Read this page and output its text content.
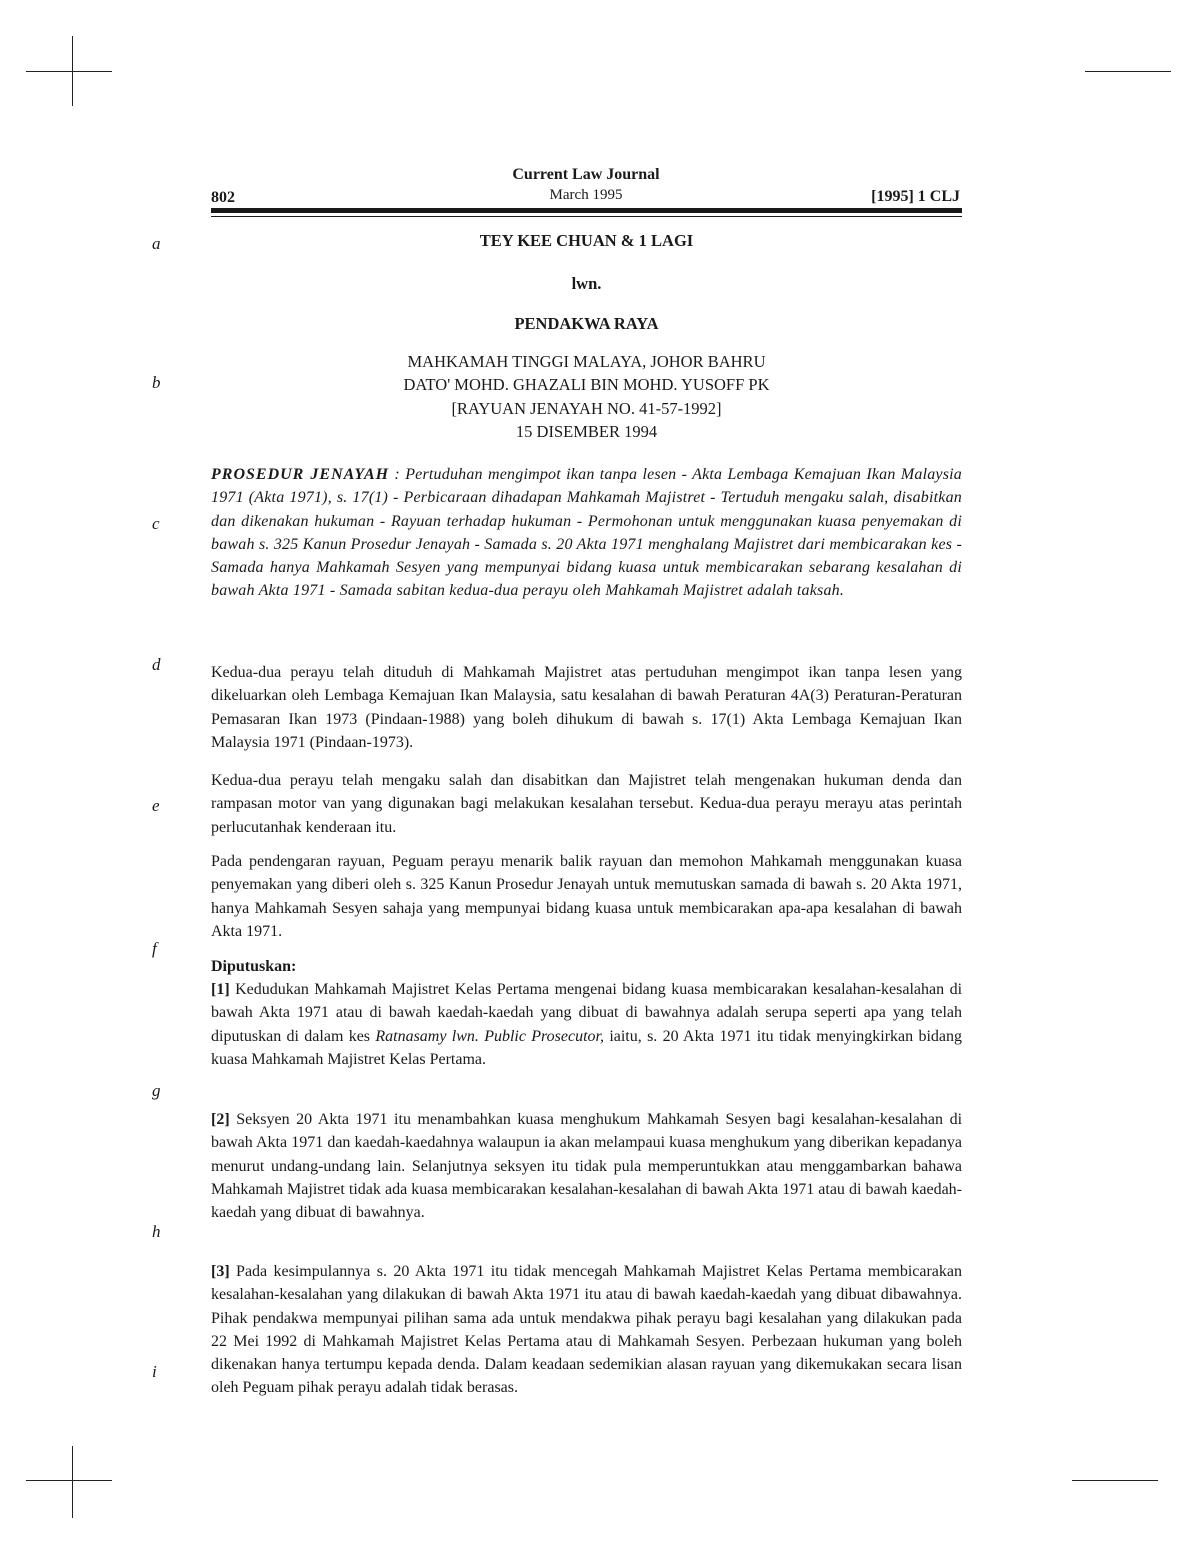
Current Law Journal
March 1995
802	[1995] 1 CLJ
a
b
c
d
e
f
g
h
i
TEY KEE CHUAN & 1 LAGI
lwn.
PENDAKWA RAYA
MAHKAMAH TINGGI MALAYA, JOHOR BAHRU
DATO' MOHD. GHAZALI BIN MOHD. YUSOFF PK
[RAYUAN JENAYAH NO. 41-57-1992]
15 DISEMBER 1994
PROSEDUR JENAYAH : Pertuduhan mengimpot ikan tanpa lesen - Akta Lembaga Kemajuan Ikan Malaysia 1971 (Akta 1971), s. 17(1) - Perbicaraan dihadapan Mahkamah Majistret - Tertuduh mengaku salah, disabitkan dan dikenakan hukuman - Rayuan terhadap hukuman - Permohonan untuk menggunakan kuasa penyemakan di bawah s. 325 Kanun Prosedur Jenayah - Samada s. 20 Akta 1971 menghalang Majistret dari membicarakan kes - Samada hanya Mahkamah Sesyen yang mempunyai bidang kuasa untuk membicarakan sebarang kesalahan di bawah Akta 1971 - Samada sabitan kedua-dua perayu oleh Mahkamah Majistret adalah taksah.
Kedua-dua perayu telah dituduh di Mahkamah Majistret atas pertuduhan mengimpot ikan tanpa lesen yang dikeluarkan oleh Lembaga Kemajuan Ikan Malaysia, satu kesalahan di bawah Peraturan 4A(3) Peraturan-Peraturan Pemasaran Ikan 1973 (Pindaan-1988) yang boleh dihukum di bawah s. 17(1) Akta Lembaga Kemajuan Ikan Malaysia 1971 (Pindaan-1973).
Kedua-dua perayu telah mengaku salah dan disabitkan dan Majistret telah mengenakan hukuman denda dan rampasan motor van yang digunakan bagi melakukan kesalahan tersebut. Kedua-dua perayu merayu atas perintah perlucutanhak kenderaan itu.
Pada pendengaran rayuan, Peguam perayu menarik balik rayuan dan memohon Mahkamah menggunakan kuasa penyemakan yang diberi oleh s. 325 Kanun Prosedur Jenayah untuk memutuskan samada di bawah s. 20 Akta 1971, hanya Mahkamah Sesyen sahaja yang mempunyai bidang kuasa untuk membicarakan apa-apa kesalahan di bawah Akta 1971.
Diputuskan:
[1] Kedudukan Mahkamah Majistret Kelas Pertama mengenai bidang kuasa membicarakan kesalahan-kesalahan di bawah Akta 1971 atau di bawah kaedah-kaedah yang dibuat di bawahnya adalah serupa seperti apa yang telah diputuskan di dalam kes Ratnasamy lwn. Public Prosecutor, iaitu, s. 20 Akta 1971 itu tidak menyingkirkan bidang kuasa Mahkamah Majistret Kelas Pertama.
[2] Seksyen 20 Akta 1971 itu menambahkan kuasa menghukum Mahkamah Sesyen bagi kesalahan-kesalahan di bawah Akta 1971 dan kaedah-kaedahnya walaupun ia akan melampaui kuasa menghukum yang diberikan kepadanya menurut undang-undang lain. Selanjutnya seksyen itu tidak pula memperuntukkan atau menggambarkan bahawa Mahkamah Majistret tidak ada kuasa membicarakan kesalahan-kesalahan di bawah Akta 1971 atau di bawah kaedah-kaedah yang dibuat di bawahnya.
[3] Pada kesimpulannya s. 20 Akta 1971 itu tidak mencegah Mahkamah Majistret Kelas Pertama membicarakan kesalahan-kesalahan yang dilakukan di bawah Akta 1971 itu atau di bawah kaedah-kaedah yang dibuat dibawahnya. Pihak pendakwa mempunyai pilihan sama ada untuk mendakwa pihak perayu bagi kesalahan yang dilakukan pada 22 Mei 1992 di Mahkamah Majistret Kelas Pertama atau di Mahkamah Sesyen. Perbezaan hukuman yang boleh dikenakan hanya tertumpu kepada denda. Dalam keadaan sedemikian alasan rayuan yang dikemukakan secara lisan oleh Peguam pihak perayu adalah tidak berasas.
